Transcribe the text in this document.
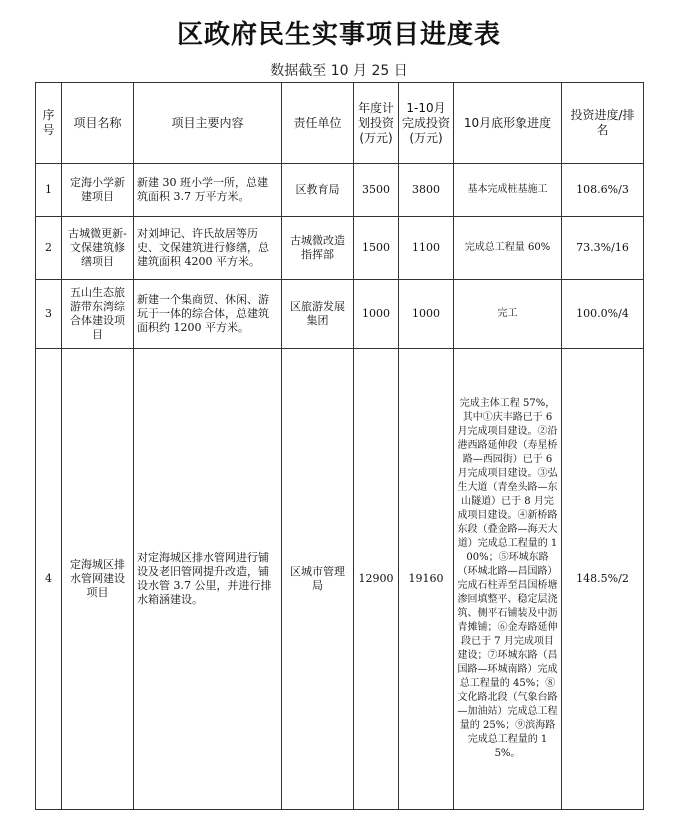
区政府民生实事项目进度表
数据截至 10 月 25 日
序号	项目名称	项目主要内容	责任单位	年度计划投资(万元)	1-10月完成投资(万元)	10月底形象进度	投资进度/排名
1	定海小学新建项目	新建 30 班小学一所，总建筑面积 3.7 万平方米。	区教育局	3500	3800	基本完成桩基施工	108.6%/3
2	古城微更新-文保建筑修缮项目	对刘坤记、许氏故居等历史、文保建筑进行修缮，总建筑面积 4200 平方米。	古城微改造指挥部	1500	1100	完成总工程量 60%	73.3%/16
3	五山生态旅游带东湾综合体建设项目	新建一个集商贸、休闲、游玩于一体的综合体，总建筑面积约 1200 平方米。	区旅游发展集团	1000	1000	完工	100.0%/4
4	定海城区排水管网建设项目	对定海城区排水管网进行铺设及老旧管网提升改造，铺设水管 3.7 公里，并进行排水箱涵建设。	区城市管理局	12900	19160	完成主体工程 57%，其中①庆丰路已于 6 月完成项目建设。②沿港西路延伸段（寿星桥路—西园街）已于 6 月完成项目建设。③弘生大道（青垒头路—东山隧道）已于 8 月完成项目建设。④新桥路东段（叠金路—海天大道）完成总工程量的 100%；⑤环城东路（环城北路—昌国路）完成石柱弄至昌国桥塘渗回填整平、稳定层浇筑、侧平石铺装及中沥青摊铺；⑥金寿路延伸段已于 7 月完成项目建设；⑦环城东路（昌国路—环城南路）完成总工程量的 45%；⑧文化路北段（气象台路—加油站）完成总工程量的 25%；⑨滨海路完成总工程量的 15%。	148.5%/2
